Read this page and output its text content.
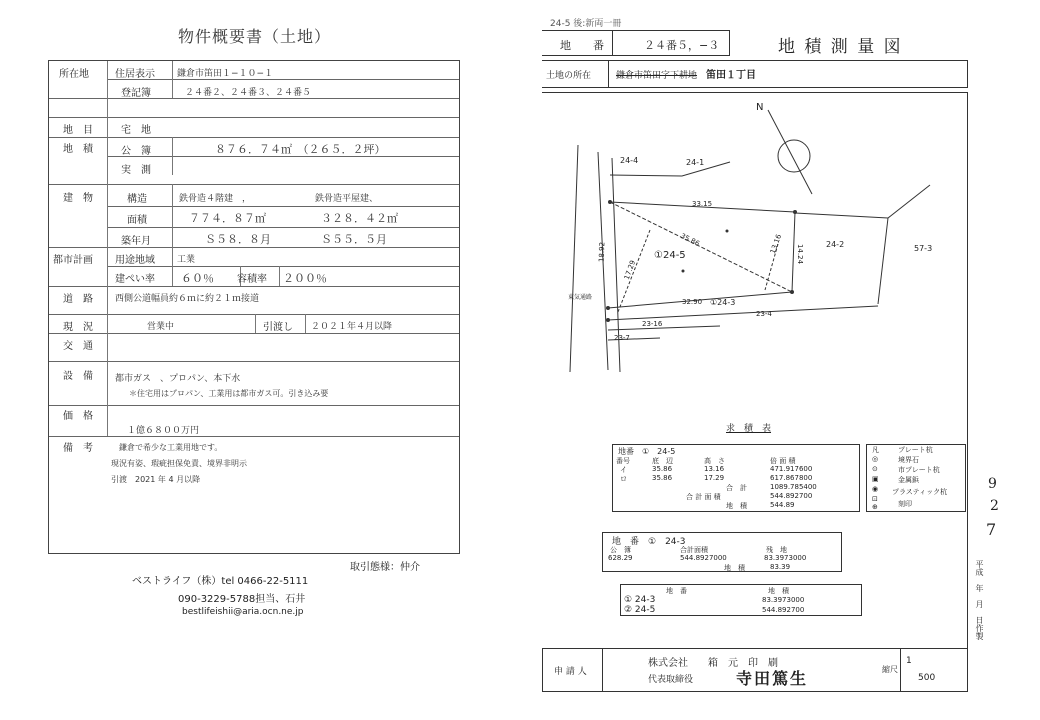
物件概要書（土地）
所在地	住居表示 鎌倉市笛田１−１０−１
登記簿	２４番２、２４番３、２４番５
地　目	宅　地
地　積	公　簿	８７６．７４㎡　（２６５．２坪）
実　測
建　物	構造	鉄骨造４階建　，	鉄骨造平屋建、
面積	７７４．８７㎡	３２８．４２㎡
築年月	Ｓ５８．８月	Ｓ５５．５月
都市計画 用途地域 工業
建ぺい率 ６０％ 容積率 ２００％
道　路 西側公道幅員約６ｍに約２１ｍ接道
現　況	営業中	引渡し ２０２１年４月以降
交　通
設　備 都市ガス　、プロパン、本下水
＊住宅用はプロパン、工業用は都市ガス可。引き込み要
価　格
１億６８００万円
備　考	鎌倉で希少な工業用地です。
現況有姿、瑕疵担保免責、境界非明示
引渡　2021 年 4 月以降
取引態様：仲介
ベストライフ（株）tel 0466-22-5111
090-3229-5788担当、石井
bestlifeishii@aria.ocn.ne.jp
24-5 後:新両一冊
地　　番	２４番５，−３	地 積 測 量 図
土地の所在	鎌倉市笛田字下耕地 笛田１丁目
24-4	24-1
24-2	57-3
①24-5
①24-3
23-4
23-16
23-7
N
東気通路
33.15
35.86	13.16 14.24
17.29
18.92
32.90
求　積　表
地番　①　24-5
番号	底　辺	高　さ	倍 面 積
イ	35.86	13.16	471.917600
ロ	35.86	17.29	617.867800
合　計	1089.785400
合 計 面 積	544.892700
地　積	544.89
凡
◎
プレート杭
⊙
境界石
▣
市プレート杭
◉
金属鋲
⊡
プラスティック杭
⊕	刻印
地　番　①　24-3
公　簿	合計面積	残　地
628.29	544.8927000	83.3973000
地　積	83.39
地　番	地　積
① 24-3	83.3973000
② 24-5	544.892700
9
2
7
平成　年　月　日作製
申 請 人
株式会社　　箱　元　印　刷
代表取締役	寺田篤生	縮尺
1
500
